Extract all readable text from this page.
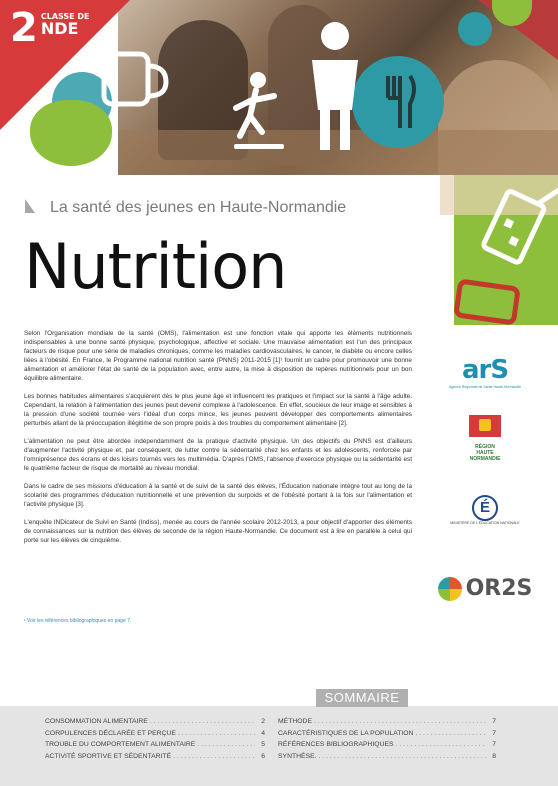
2 CLASSE DE
NDE
La santé des jeunes en Haute-Normandie
Nutrition

Selon l'Organisation mondiale de la santé (OMS), l'alimentation est une fonction vitale qui apporte les éléments nutritionnels indispensables à une bonne santé physique, psychologique, affective et sociale. Une mauvaise alimentation est l'un des principaux facteurs de risque pour une série de maladies chroniques, comme les maladies cardiovasculaires, le cancer, le diabète ou encore celles liées à l'obésité. En France, le Programme national nutrition santé (PNNS) 2011-2015 [1]¹ fournit un cadre pour promouvoir une bonne alimentation et améliorer l'état de santé de la population avec, entre autre, la mise à disposition de repères nutritionnels pour un bon équilibre alimentaire.

Les bonnes habitudes alimentaires s'acquièrent dès le plus jeune âge et influencent les pratiques et l'impact sur la santé à l'âge adulte. Cependant, la relation à l'alimentation des jeunes peut devenir complexe à l'adolescence. En effet, soucieux de leur image et sensibles à la pression d'une société tournée vers l'idéal d'un corps mince, les jeunes peuvent développer des comportements alimentaires perturbés allant de la préoccupation illégitime de son propre poids à des troubles du comportement alimentaire [2].

L'alimentation ne peut être abordée indépendamment de la pratique d'activité physique. Un des objectifs du PNNS est d'ailleurs d'augmenter l'activité physique et, par conséquent, de lutter contre la sédentarité chez les enfants et les adolescents, renforcée par l'omniprésence des écrans et des loisirs tournés vers les multimédia. D'après l'OMS, l'absence d'exercice physique ou la sédentarité est le quatrième facteur de risque de mortalité au niveau mondial.

Dans le cadre de ses missions d'éducation à la santé et de suivi de la santé des élèves, l'Éducation nationale intègre tout au long de la scolarité des programmes d'éducation nutritionnelle et une prévention du surpoids et de l'obésité portant à la fois sur l'alimentation et l'activité physique [3].

L'enquête INDicateur de Suivi en Santé (Indiss), menée au cours de l'année scolaire 2012-2013, a pour objectif d'apporter des éléments de connaissances sur la nutrition des élèves de seconde de la région Haute-Normandie. Ce document est à lire en parallèle à celui qui porte sur les élèves de cinquième.

¹ Voir les références bibliographiques en page 7.
arS
Agence Régionale de Santé Haute-Normandie
RÉGION
HAUTE
NORMANDIE
É
MINISTÈRE DE L'ÉDUCATION NATIONALE
OR2S
SOMMAIRE
CONSOMMATION ALIMENTAIRE . . .	2
CORPULENCES DÉCLARÉE ET PERÇUE . . .	4
TROUBLE DU COMPORTEMENT ALIMENTAIRE . . .	5
ACTIVITÉ SPORTIVE ET SÉDENTARITÉ . . .	6
MÉTHODE . . .	7
CARACTÉRISTIQUES DE LA POPULATION . . .	7
RÉFÉRENCES BIBLIOGRAPHIQUES . . .	7
SYNTHÈSE. . . .	8
